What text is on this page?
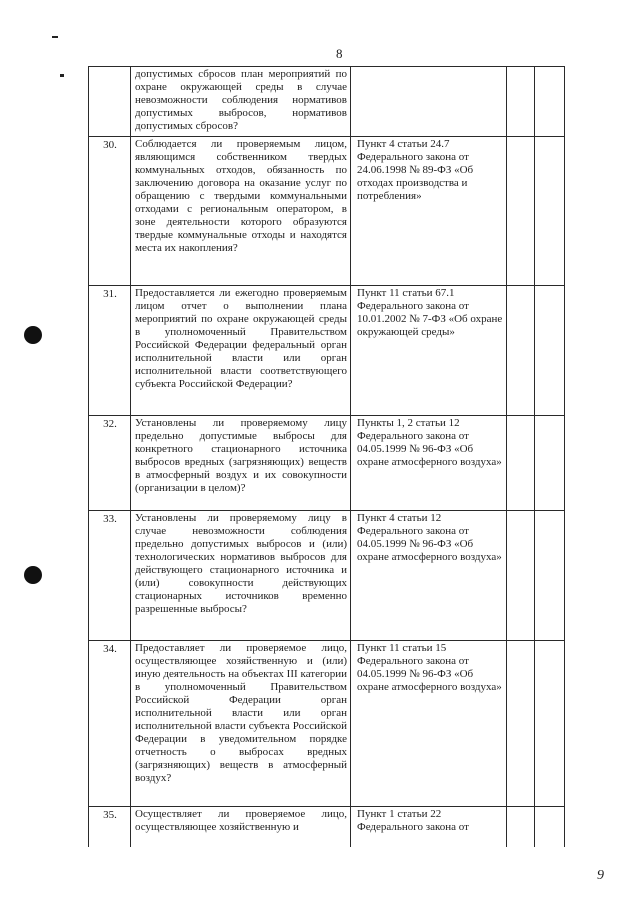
8
	допустимых сбросов план мероприятий по охране окружающей среды в случае невозможности соблюдения нормативов допустимых выбросов, нормативов допустимых сбросов?			
30.	Соблюдается ли проверяемым лицом, являющимся собственником твердых коммунальных отходов, обязанность по заключению договора на оказание услуг по обращению с твердыми коммунальными отходами с региональным оператором, в зоне деятельности которого образуются твердые коммунальные отходы и находятся места их накопления?	Пункт 4 статьи 24.7 Федерального закона от 24.06.1998 № 89-ФЗ «Об отходах производства и потребления»		
31.	Предоставляется ли ежегодно проверяемым лицом отчет о выполнении плана мероприятий по охране окружающей среды в уполномоченный Правительством Российской Федерации федеральный орган исполнительной власти или орган исполнительной власти соответствующего субъекта Российской Федерации?	Пункт 11 статьи 67.1 Федерального закона от 10.01.2002 № 7-ФЗ «Об охране окружающей среды»		
32.	Установлены ли проверяемому лицу предельно допустимые выбросы для конкретного стационарного источника выбросов вредных (загрязняющих) веществ в атмосферный воздух и их совокупности (организации в целом)?	Пункты 1, 2 статьи 12 Федерального закона от 04.05.1999 № 96-ФЗ «Об охране атмосферного воздуха»		
33.	Установлены ли проверяемому лицу в случае невозможности соблюдения предельно допустимых выбросов и (или) технологических нормативов выбросов для действующего стационарного источника и (или) совокупности действующих стационарных источников временно разрешенные выбросы?	Пункт 4 статьи 12 Федерального закона от 04.05.1999 № 96-ФЗ «Об охране атмосферного воздуха»		
34.	Предоставляет ли проверяемое лицо, осуществляющее хозяйственную и (или) иную деятельность на объектах III категории в уполномоченный Правительством Российской Федерации орган исполнительной власти или орган исполнительной власти субъекта Российской Федерации в уведомительном порядке отчетность о выбросах вредных (загрязняющих) веществ в атмосферный воздух?	Пункт 11 статьи 15 Федерального закона от 04.05.1999 № 96-ФЗ «Об охране атмосферного воздуха»		
35.	Осуществляет ли проверяемое лицо, осуществляющее хозяйственную и	Пункт 1 статьи 22 Федерального закона от		
9
